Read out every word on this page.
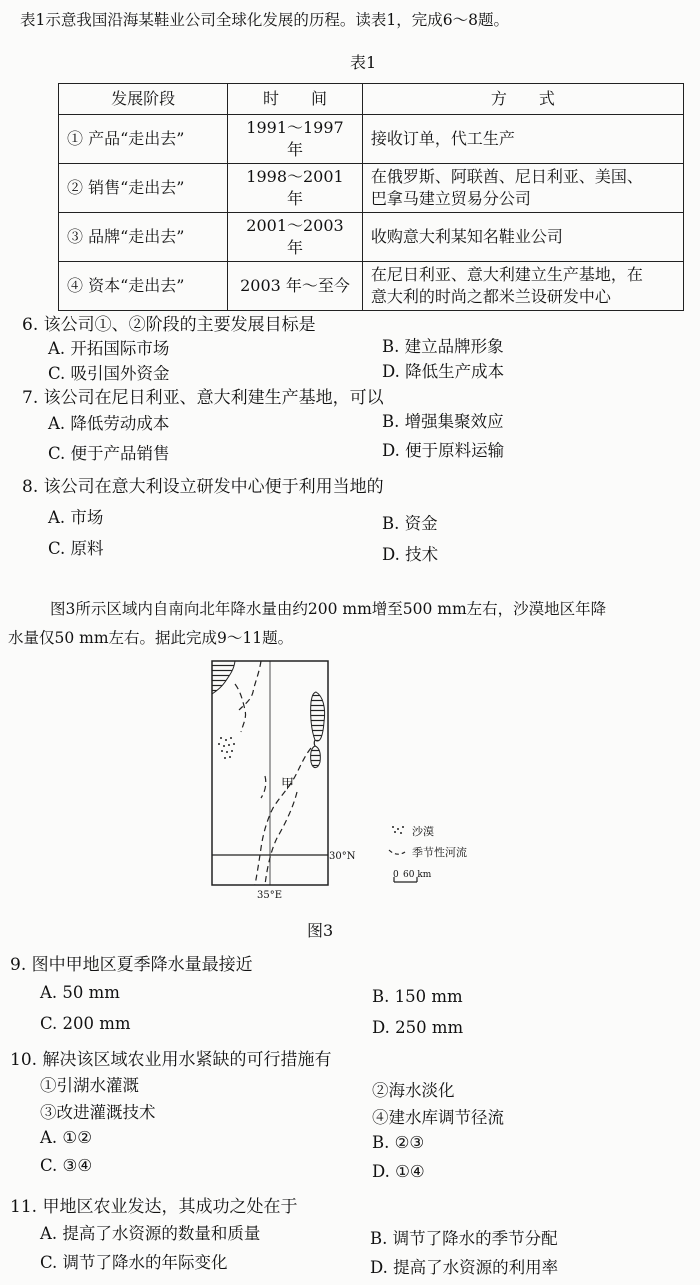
表1示意我国沿海某鞋业公司全球化发展的历程。读表1，完成6～8题。
表1
发展阶段	时　　间	方　　式
① 产品“走出去”	1991～1997 年	接收订单，代工生产

② 销售“走出去”	1998～2001 年	在俄罗斯、阿联酋、尼日利亚、美国、
巴拿马建立贸易分公司

③ 品牌“走出去”	2001～2003 年	收购意大利某知名鞋业公司

④ 资本“走出去”	2003 年～至今	在尼日利亚、意大利建立生产基地，在
意大利的时尚之都米兰设研发中心
6. 该公司①、②阶段的主要发展目标是
A. 开拓国际市场	B. 建立品牌形象
C. 吸引国外资金	D. 降低生产成本
7. 该公司在尼日利亚、意大利建生产基地，可以
A. 降低劳动成本	B. 增强集聚效应
C. 便于产品销售	D. 便于原料运输
8. 该公司在意大利设立研发中心便于利用当地的
A. 市场	B. 资金
C. 原料	D. 技术
图3所示区域内自南向北年降水量由约200 mm增至500 mm左右，沙漠地区年降
水量仅50 mm左右。据此完成9～11题。
甲
30°N
35°E
沙漠
季节性河流
0 60 km
图3
9. 图中甲地区夏季降水量最接近
A. 50 mm	B. 150 mm
C. 200 mm	D. 250 mm
10. 解决该区域农业用水紧缺的可行措施有
①引湖水灌溉	②海水淡化
③改进灌溉技术	④建水库调节径流
A. ①②	B. ②③
C. ③④	D. ①④
11. 甲地区农业发达，其成功之处在于
A. 提高了水资源的数量和质量	B. 调节了降水的季节分配
C. 调节了降水的年际变化	D. 提高了水资源的利用率
